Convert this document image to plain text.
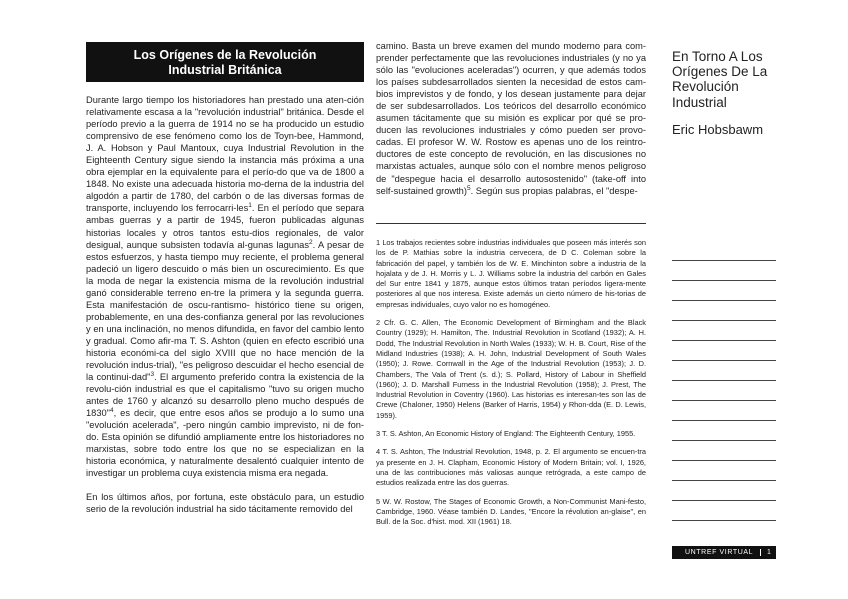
Los Orígenes de la Revolución
Industrial Británica

Durante largo tiempo los historiadores han prestado una aten-ción relativamente escasa a la "revolución industrial" británica. Desde el período previo a la guerra de 1914 no se ha producido un estudio comprensivo de ese fenómeno como los de Toyn-bee, Hammond, J. A. Hobson y Paul Mantoux, cuya Industrial Revolution in the Eighteenth Century sigue siendo la instancia más próxima a una obra ejemplar en la equivalente para el perío-do que va de 1800 a 1848. No existe una adecuada historia mo-derna de la industria del algodón a partir de 1780, del carbón o de las diversas formas de transporte, incluyendo los ferrocarri-les$^1$. En el período que separa ambas guerras y a partir de 1945, fueron publicadas algunas historias locales y otros tantos estu-dios regionales, de valor desigual, aunque subsisten todavía al-gunas lagunas$^2$. A pesar de estos esfuerzos, y hasta tiempo muy reciente, el problema general padeció un ligero descuido o más bien un oscurecimiento. Es que la moda de negar la existencia misma de la revolución industrial ganó considerable terreno en-tre la primera y la segunda guerra. Esta manifestación de oscu-rantismo- histórico tiene su origen, probablemente, en una des-confianza general por las revoluciones y en una inclinación, no menos difundida, en favor del cambio lento y gradual. Como afir-ma T. S. Ashton (quien en efecto escribió una historia económi-ca del siglo XVIII que no hace mención de la revolución indus-trial), "es peligroso descuidar el hecho esencial de la continui-dad"$^3$. El argumento preferido contra la existencia de la revolu-ción industrial es que el capitalismo "tuvo su origen mucho antes de 1760 y alcanzó su desarrollo pleno mucho después de 1830"$^4$, es decir, que entre esos años se produjo a lo sumo una "evolución acelerada", -pero ningún cambio imprevisto, ni de fon-do. Esta opinión se difundió ampliamente entre los historiadores no marxistas, sobre todo entre los que no se especializan en la historia económica, y naturalmente desalentó cualquier intento de investigar un problema cuya existencia misma era negada.

En los últimos años, por fortuna, este obstáculo para, un estudio serio de la revolución industrial ha sido tácitamente removido del

camino. Basta un breve examen del mundo moderno para com-prender perfectamente que las revoluciones industriales (y no ya sólo las "evoluciones aceleradas") ocurren, y que además todos los países subdesarrollados sienten la necesidad de estos cam-bios imprevistos y de fondo, y los desean justamente para dejar de ser subdesarrollados. Los teóricos del desarrollo económico asumen tácitamente que su misión es explicar por qué se pro-ducen las revoluciones industriales y cómo pueden ser provo-cadas. El profesor W. W. Rostow es apenas uno de los reintro-ductores de este concepto de revolución, en las discusiones no marxistas actuales, aunque sólo con el nombre menos peligroso de "despegue hacia el desarrollo autosostenido" (take-off into self-sustained growth)$^5$. Según sus propias palabras, el "despe-

1 Los trabajos recientes sobre industrias individuales que poseen más interés son los de P. Mathias sobre la industria cervecera, de D C. Coleman sobre la fabricación del papel, y también los de W. E. Minchinton sobre a industria de la hojalata y de J. H. Morris y L. J. Williams sobre la industria del carbón en Gales del Sur entre 1841 y 1875, aunque estos últimos tratan períodos ligera-mente posteriores al que nos interesa. Existe además un cierto número de his-torias de empresas individuales, cuyo valor no es homogéneo.

2 Cfr. G. C. Allen, The Economic Development of Birmingham and the Black Country (1929); H. Hamilton, The. Industrial Revolution in Scotland (1932); A. H. Dodd, The Industrial Revolution in North Wales (1933); W. H. B. Court, Rise of the Midland Industries (1938); A. H. John, Industrial Development of South Wales (1950); J. Rowe. Cornwall in the Age of the Industrial Revolution (1953); J. D. Chambers, The Vala of Trent (s. d.); S. Pollard, History of Labour in Sheffield (1960); J. D. Marshall Furness in the Industrial Revolution (1958); J. Prest, The Industrial Revolution in Coventry (1960). Las historias es interesan-tes son las de Crewe (Chaloner, 1950) Helens (Barker of Harris, 1954) y Rhon-dda (E. D. Lewis, 1959).

3 T. S. Ashton, An Economic History of England: The Eighteenth Century, 1955.

4 T. S. Ashton, The Industrial Revolution, 1948, p. 2. El argumento se encuen-tra ya presente en J. H. Clapham, Economic History of Modern Britain; vol. I, 1926, una de las contribuciones más valiosas aunque retrógrada, a este campo de estudios realizada entre las dos guerras.

5 W. W. Rostow, The Stages of Economic Growth, a Non-Communist Mani-festo, Cambridge, 1960. Véase también D. Landes, "Encore la révolution an-glaise", en Bull. de la Soc. d'hist. mod. XII (1961) 18.

En Torno A Los
Orígenes De La
Revolución
Industrial
Eric Hobsbawm
UNTREF VIRTUAL 1
